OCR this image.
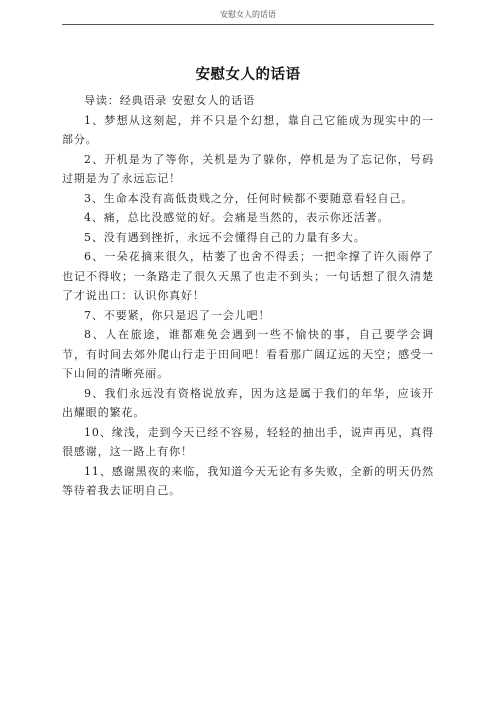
安慰女人的话语
安慰女人的话语

导读：经典语录 安慰女人的话语

1、梦想从这刻起，并不只是个幻想，靠自己它能成为现实中的一部分。

2、开机是为了等你，关机是为了躲你，停机是为了忘记你，号码过期是为了永远忘记！

3、生命本没有高低贵贱之分，任何时候都不要随意看轻自己。

4、痛，总比没感觉的好。会痛是当然的，表示你还活著。

5、没有遇到挫折，永远不会懂得自己的力量有多大。

6、一朵花摘来很久，枯萎了也舍不得丢；一把伞撑了许久雨停了也记不得收；一条路走了很久天黑了也走不到头；一句话想了很久清楚了才说出口：认识你真好！

7、不要紧，你只是迟了一会儿吧！

8、人在旅途，谁都难免会遇到一些不愉快的事，自己要学会调节，有时间去郊外爬山行走于田间吧！看看那广阔辽远的天空；感受一下山间的清晰亮丽。

9、我们永远没有资格说放弃，因为这是属于我们的年华，应该开出耀眼的繁花。

10、缘浅，走到今天已经不容易，轻轻的抽出手，说声再见，真得很感谢，这一路上有你！

11、感谢黑夜的来临，我知道今天无论有多失败，全新的明天仍然等待着我去证明自己。
